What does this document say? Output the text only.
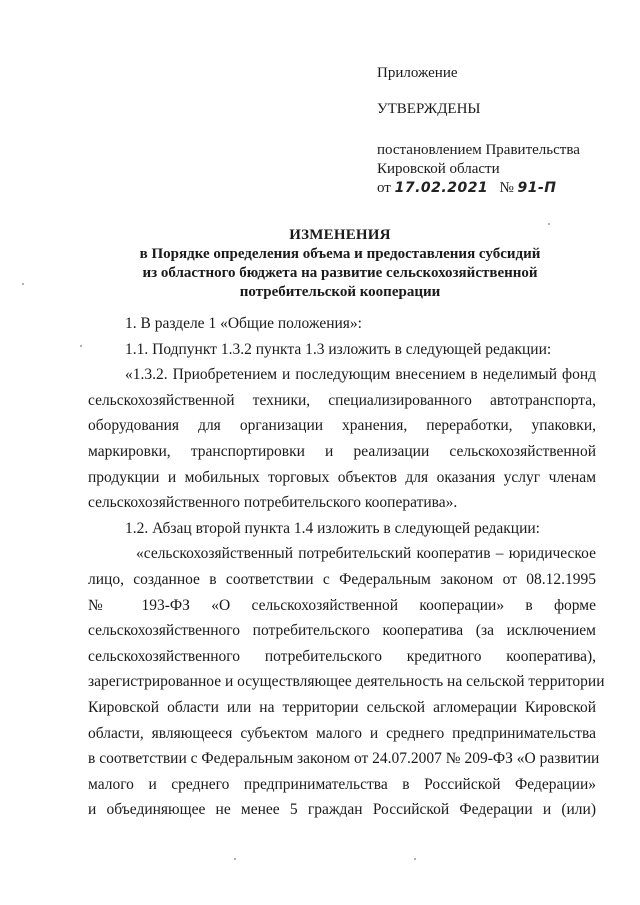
Приложение
УТВЕРЖДЕНЫ
постановлением Правительства
Кировской области
от 17.02.2021 № 91-П
ИЗМЕНЕНИЯ
в Порядке определения объема и предоставления субсидий
из областного бюджета на развитие сельскохозяйственной
потребительской кооперации
1. В разделе 1 «Общие положения»:
1.1. Подпункт 1.3.2 пункта 1.3 изложить в следующей редакции:
«1.3.2. Приобретением и последующим внесением в неделимый фонд
сельскохозяйственной техники, специализированного автотранспорта,
оборудования для организации хранения, переработки, упаковки,
маркировки, транспортировки и реализации сельскохозяйственной
продукции и мобильных торговых объектов для оказания услуг членам
сельскохозяйственного потребительского кооператива».
1.2. Абзац второй пункта 1.4 изложить в следующей редакции:
«сельскохозяйственный потребительский кооператив – юридическое
лицо, созданное в соответствии с Федеральным законом от 08.12.1995
№ 193-ФЗ «О сельскохозяйственной кооперации» в форме
сельскохозяйственного потребительского кооператива (за исключением
сельскохозяйственного потребительского кредитного кооператива),
зарегистрированное и осуществляющее деятельность на сельской территории
Кировской области или на территории сельской агломерации Кировской
области, являющееся субъектом малого и среднего предпринимательства
в соответствии с Федеральным законом от 24.07.2007 № 209-ФЗ «О развитии
малого и среднего предпринимательства в Российской Федерации»
и объединяющее не менее 5 граждан Российской Федерации и (или)
